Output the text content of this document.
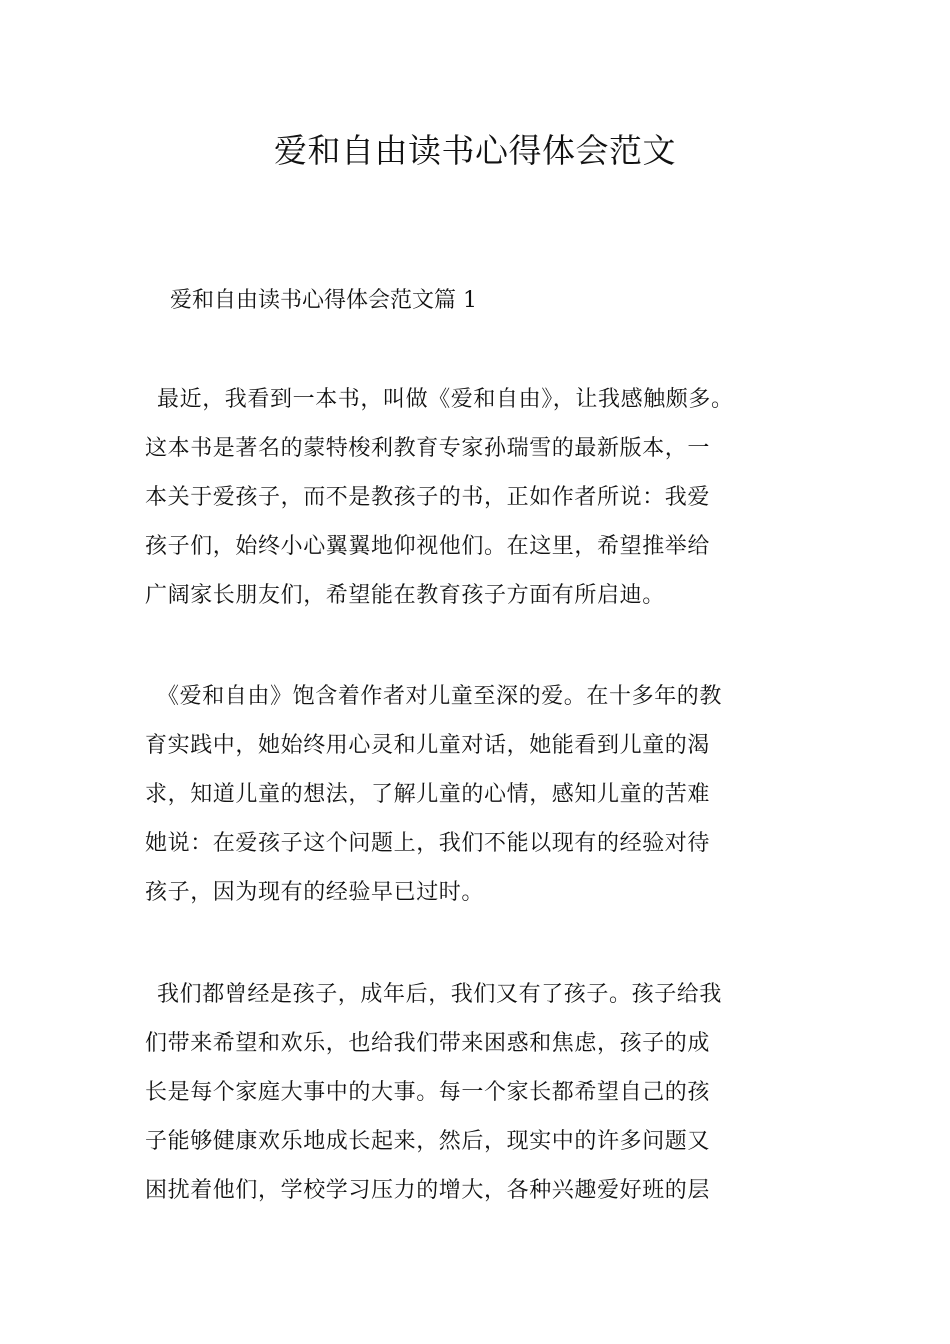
爱和自由读书心得体会范文
爱和自由读书心得体会范文篇 1
最近，我看到一本书，叫做《爱和自由》，让我感触颇多。
这本书是著名的蒙特梭利教育专家孙瑞雪的最新版本，一
本关于爱孩子，而不是教孩子的书，正如作者所说：我爱
孩子们，始终小心翼翼地仰视他们。在这里，希望推举给
广阔家长朋友们，希望能在教育孩子方面有所启迪。
《爱和自由》饱含着作者对儿童至深的爱。在十多年的教
育实践中，她始终用心灵和儿童对话，她能看到儿童的渴
求，知道儿童的想法，了解儿童的心情，感知儿童的苦难
她说：在爱孩子这个问题上，我们不能以现有的经验对待
孩子，因为现有的经验早已过时。
我们都曾经是孩子，成年后，我们又有了孩子。孩子给我
们带来希望和欢乐，也给我们带来困惑和焦虑，孩子的成
长是每个家庭大事中的大事。每一个家长都希望自己的孩
子能够健康欢乐地成长起来，然后，现实中的许多问题又
困扰着他们，学校学习压力的增大，各种兴趣爱好班的层
